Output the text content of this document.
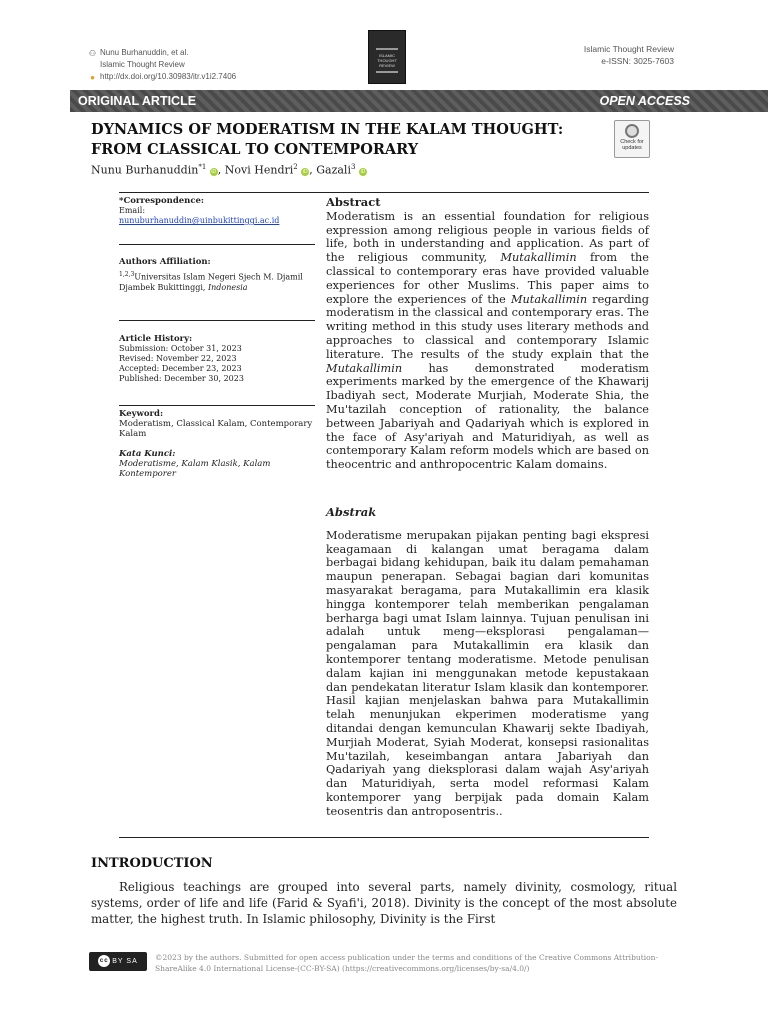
⚇ Nunu Burhanuddin, et al.
Islamic Thought Review
● http://dx.doi.org/10.30983/itr.v1i2.7406
ISLAMIC THOUGHT REVIEW
Islamic Thought Review
e-ISSN: 3025-7603
ORIGINAL ARTICLE	OPEN ACCESS
DYNAMICS OF MODERATISM IN THE KALAM THOUGHT: FROM CLASSICAL TO CONTEMPORARY	Check for
updates
Nunu Burhanuddin$^{*1}$ iD , Novi Hendri$^2$ iD , Gazali$^3$ iD
*Correspondence:
Email:
nunuburhanuddin@uinbukittinggi.ac.id
Authors Affiliation:
$^{1,2,3}$Universitas Islam Negeri Sjech M. Djamil Djambek Bukittinggi, Indonesia
Article History:
Submission: October 31, 2023
Revised: November 22, 2023
Accepted: December 23, 2023
Published: December 30, 2023
Keyword:
Moderatism, Classical Kalam, Contemporary Kalam
Kata Kunci:
Moderatisme, Kalam Klasik, Kalam Kontemporer
Abstract
Moderatism is an essential foundation for religious expression among religious people in various fields of life, both in understanding and application. As part of the religious community, Mutakallimin from the classical to contemporary eras have provided valuable experiences for other Muslims. This paper aims to explore the experiences of the Mutakallimin regarding moderatism in the classical and contemporary eras. The writing method in this study uses literary methods and approaches to classical and contemporary Islamic literature. The results of the study explain that the Mutakallimin has demonstrated moderatism experiments marked by the emergence of the Khawarij Ibadiyah sect, Moderate Murjiah, Moderate Shia, the Mu'tazilah conception of rationality, the balance between Jabariyah and Qadariyah which is explored in the face of Asy'ariyah and Maturidiyah, as well as contemporary Kalam reform models which are based on theocentric and anthropocentric Kalam domains.
Abstrak
Moderatisme merupakan pijakan penting bagi ekspresi keagamaan di kalangan umat beragama dalam berbagai bidang kehidupan, baik itu dalam pemahaman maupun penerapan. Sebagai bagian dari komunitas masyarakat beragama, para Mutakallimin era klasik hingga kontemporer telah memberikan pengalaman berharga bagi umat Islam lainnya. Tujuan penulisan ini adalah untuk meng—eksplorasi pengalaman—pengalaman para Mutakallimin era klasik dan kontemporer tentang moderatisme. Metode penulisan dalam kajian ini menggunakan metode kepustakaan dan pendekatan literatur Islam klasik dan kontemporer. Hasil kajian menjelaskan bahwa para Mutakallimin telah menunjukan ekperimen moderatisme yang ditandai dengan kemunculan Khawarij sekte Ibadiyah, Murjiah Moderat, Syiah Moderat, konsepsi rasionalitas Mu'tazilah, keseimbangan antara Jabariyah dan Qadariyah yang dieksplorasi dalam wajah Asy'ariyah dan Maturidiyah, serta model reformasi Kalam kontemporer yang berpijak pada domain Kalam teosentris dan antroposentris..
INTRODUCTION
Religious teachings are grouped into several parts, namely divinity, cosmology, ritual systems, order of life and life (Farid & Syafi'i, 2018). Divinity is the concept of the most absolute matter, the highest truth. In Islamic philosophy, Divinity is the First
cc BY SA	©2023 by the authors. Submitted for open access publication under the terms and conditions of the Creative Commons Attribution-ShareAlike 4.0 International License-(CC-BY-SA) (https://creativecommons.org/licenses/by-sa/4.0/)
